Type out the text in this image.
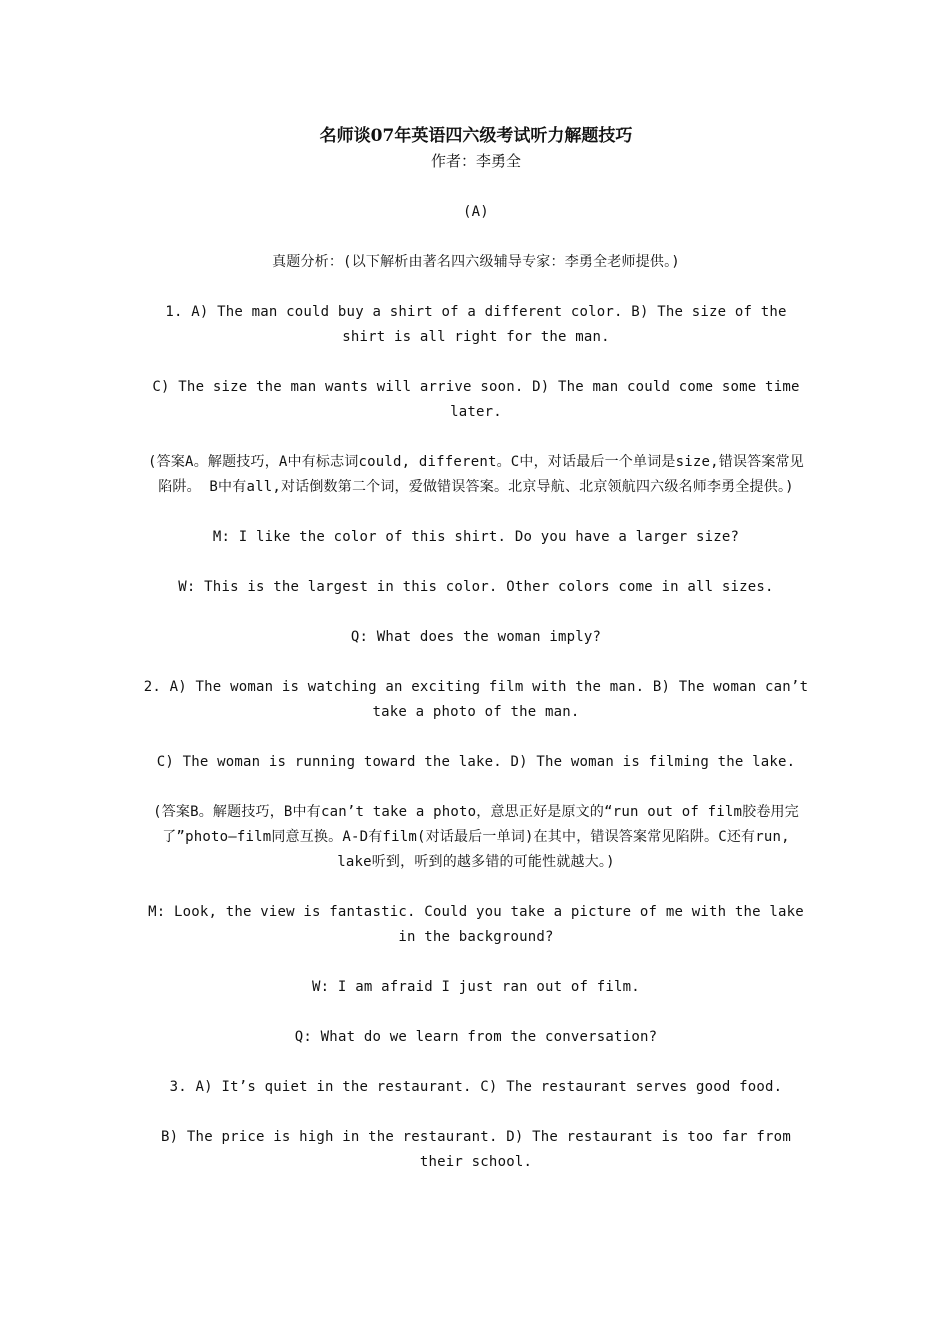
名师谈07年英语四六级考试听力解题技巧
作者：李勇全
(A)
真题分析：(以下解析由著名四六级辅导专家：李勇全老师提供。)
1. A) The man could buy a shirt of a different color. B) The size of the shirt is all right for the man.
C) The size the man wants will arrive soon. D) The man could come some time later.
(答案A。解题技巧，A中有标志词could, different。C中，对话最后一个单词是size,错误答案常见陷阱。 B中有all,对话倒数第二个词，爱做错误答案。北京导航、北京领航四六级名师李勇全提供。)
M: I like the color of this shirt. Do you have a larger size?
W: This is the largest in this color. Other colors come in all sizes.
Q: What does the woman imply?
2. A) The woman is watching an exciting film with the man. B) The woman can’t take a photo of the man.
C) The woman is running toward the lake. D) The woman is filming the lake.
(答案B。解题技巧，B中有can’t take a photo，意思正好是原文的“run out of film胶卷用完了”photo—film同意互换。A-D有film(对话最后一单词)在其中，错误答案常见陷阱。C还有run, lake听到，听到的越多错的可能性就越大。)
M: Look, the view is fantastic. Could you take a picture of me with the lake in the background?
W: I am afraid I just ran out of film.
Q: What do we learn from the conversation?
3. A) It’s quiet in the restaurant. C) The restaurant serves good food.
B) The price is high in the restaurant. D) The restaurant is too far from their school.
